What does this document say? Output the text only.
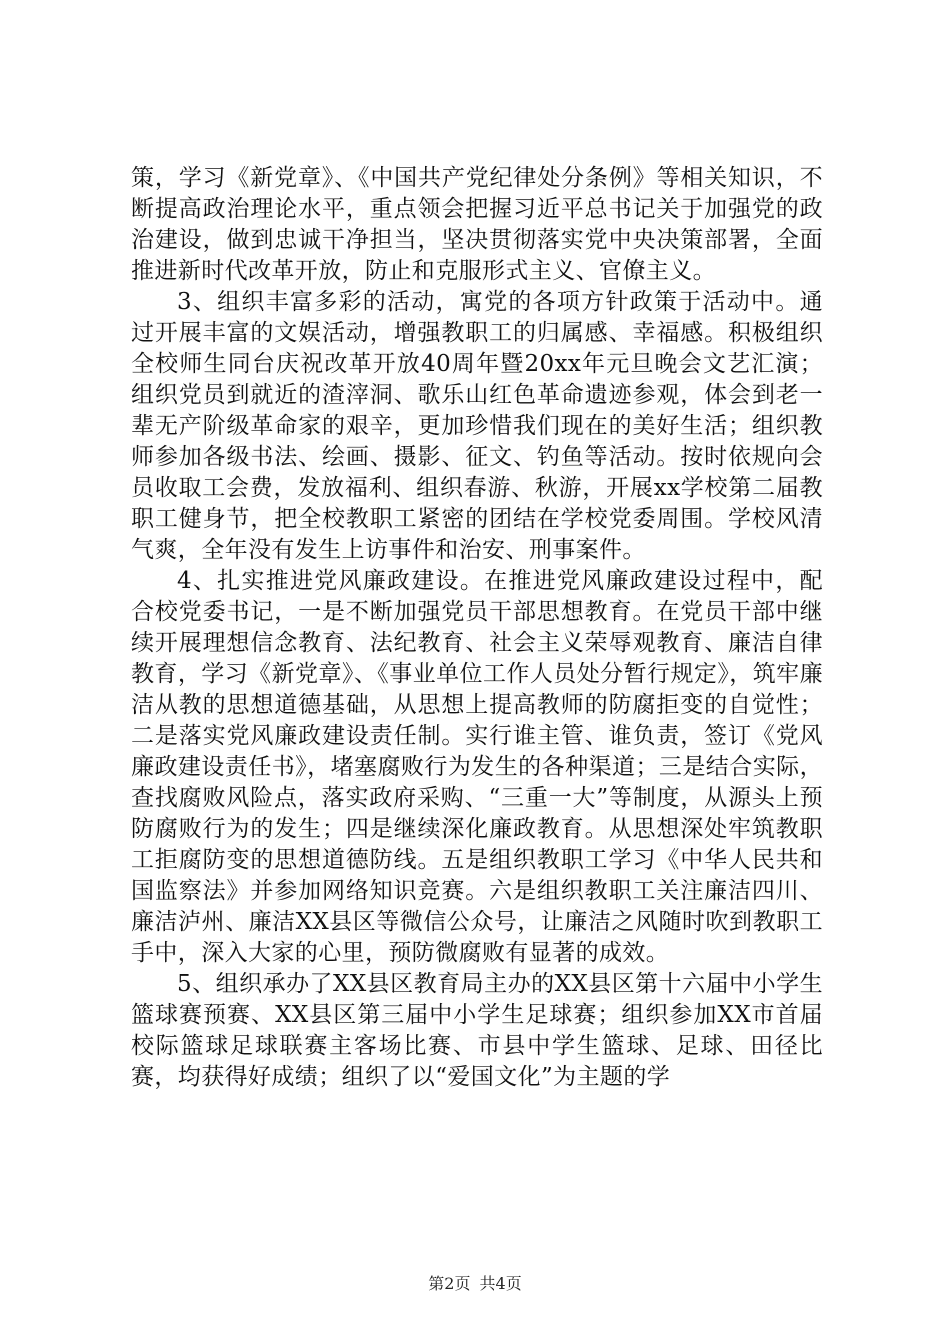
策，学习《新党章》、《中国共产党纪律处分条例》等相关知识，不断提高政治理论水平，重点领会把握习近平总书记关于加强党的政治建设，做到忠诚干净担当，坚决贯彻落实党中央决策部署，全面推进新时代改革开放，防止和克服形式主义、官僚主义。

3、组织丰富多彩的活动，寓党的各项方针政策于活动中。通过开展丰富的文娱活动，增强教职工的归属感、幸福感。积极组织全校师生同台庆祝改革开放40周年暨20xx年元旦晚会文艺汇演；组织党员到就近的渣滓洞、歌乐山红色革命遗迹参观，体会到老一辈无产阶级革命家的艰辛，更加珍惜我们现在的美好生活；组织教师参加各级书法、绘画、摄影、征文、钓鱼等活动。按时依规向会员收取工会费，发放福利、组织春游、秋游，开展xx学校第二届教职工健身节，把全校教职工紧密的团结在学校党委周围。学校风清气爽，全年没有发生上访事件和治安、刑事案件。

4、扎实推进党风廉政建设。在推进党风廉政建设过程中，配合校党委书记，一是不断加强党员干部思想教育。在党员干部中继续开展理想信念教育、法纪教育、社会主义荣辱观教育、廉洁自律教育，学习《新党章》、《事业单位工作人员处分暂行规定》，筑牢廉洁从教的思想道德基础，从思想上提高教师的防腐拒变的自觉性；二是落实党风廉政建设责任制。实行谁主管、谁负责，签订《党风廉政建设责任书》，堵塞腐败行为发生的各种渠道；三是结合实际，查找腐败风险点，落实政府采购、“三重一大”等制度，从源头上预防腐败行为的发生；四是继续深化廉政教育。从思想深处牢筑教职工拒腐防变的思想道德防线。五是组织教职工学习《中华人民共和国监察法》并参加网络知识竞赛。六是组织教职工关注廉洁四川、廉洁泸州、廉洁XX县区等微信公众号，让廉洁之风随时吹到教职工手中，深入大家的心里，预防微腐败有显著的成效。

5、组织承办了XX县区教育局主办的XX县区第十六届中小学生篮球赛预赛、XX县区第三届中小学生足球赛；组织参加XX市首届校际篮球足球联赛主客场比赛、市县中学生篮球、足球、田径比赛，均获得好成绩；组织了以“爱国文化”为主题的学

第2页 共4页
